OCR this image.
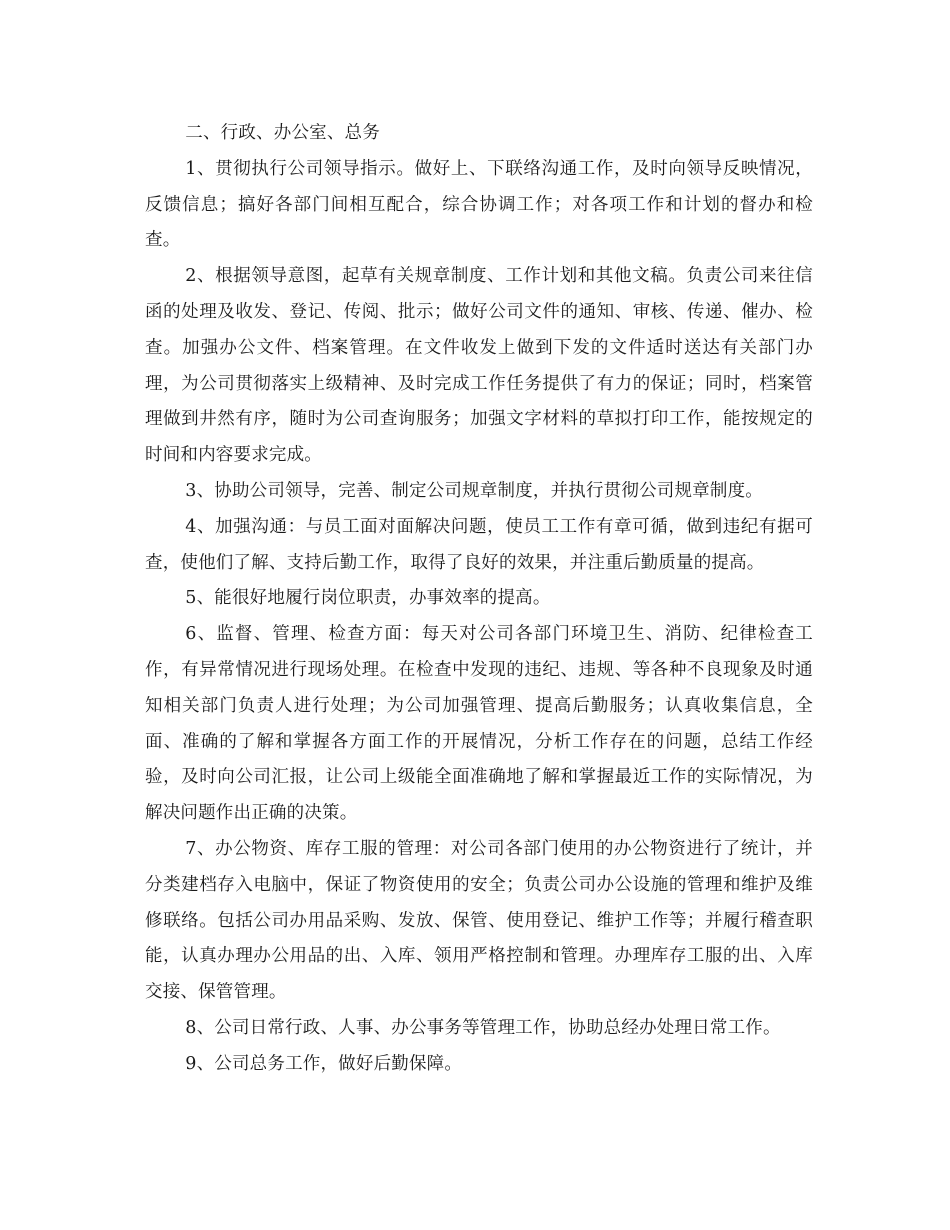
二、行政、办公室、总务

1、贯彻执行公司领导指示。做好上、下联络沟通工作，及时向领导反映情况，反馈信息；搞好各部门间相互配合，综合协调工作；对各项工作和计划的督办和检查。

2、根据领导意图，起草有关规章制度、工作计划和其他文稿。负责公司来往信函的处理及收发、登记、传阅、批示；做好公司文件的通知、审核、传递、催办、检查。加强办公文件、档案管理。在文件收发上做到下发的文件适时送达有关部门办理，为公司贯彻落实上级精神、及时完成工作任务提供了有力的保证；同时，档案管理做到井然有序，随时为公司查询服务；加强文字材料的草拟打印工作，能按规定的时间和内容要求完成。

3、协助公司领导，完善、制定公司规章制度，并执行贯彻公司规章制度。

4、加强沟通：与员工面对面解决问题，使员工工作有章可循，做到违纪有据可查，使他们了解、支持后勤工作，取得了良好的效果，并注重后勤质量的提高。

5、能很好地履行岗位职责，办事效率的提高。

6、监督、管理、检查方面：每天对公司各部门环境卫生、消防、纪律检查工作，有异常情况进行现场处理。在检查中发现的违纪、违规、等各种不良现象及时通知相关部门负责人进行处理；为公司加强管理、提高后勤服务；认真收集信息，全面、准确的了解和掌握各方面工作的开展情况，分析工作存在的问题，总结工作经验，及时向公司汇报，让公司上级能全面准确地了解和掌握最近工作的实际情况，为解决问题作出正确的决策。

7、办公物资、库存工服的管理：对公司各部门使用的办公物资进行了统计，并分类建档存入电脑中，保证了物资使用的安全；负责公司办公设施的管理和维护及维修联络。包括公司办用品采购、发放、保管、使用登记、维护工作等；并履行稽查职能，认真办理办公用品的出、入库、领用严格控制和管理。办理库存工服的出、入库交接、保管管理。

8、公司日常行政、人事、办公事务等管理工作，协助总经办处理日常工作。

9、公司总务工作，做好后勤保障。
